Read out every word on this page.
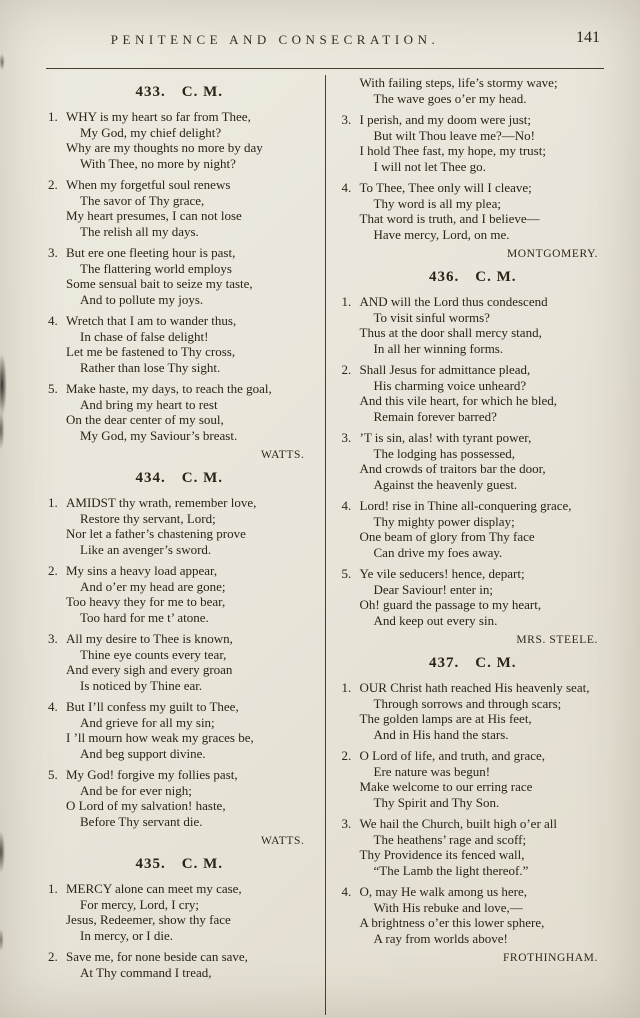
PENITENCE AND CONSECRATION.	141
433. C. M.
1. WHY is my heart so far from Thee,
My God, my chief delight?
Why are my thoughts no more by day
With Thee, no more by night?
2. When my forgetful soul renews
The savor of Thy grace,
My heart presumes, I can not lose
The relish all my days.
3. But ere one fleeting hour is past,
The flattering world employs
Some sensual bait to seize my taste,
And to pollute my joys.
4. Wretch that I am to wander thus,
In chase of false delight!
Let me be fastened to Thy cross,
Rather than lose Thy sight.
5. Make haste, my days, to reach the goal,
And bring my heart to rest
On the dear center of my soul,
My God, my Saviour’s breast.
WATTS.
434. C. M.
1. AMIDST thy wrath, remember love,
Restore thy servant, Lord;
Nor let a father’s chastening prove
Like an avenger’s sword.
2. My sins a heavy load appear,
And o’er my head are gone;
Too heavy they for me to bear,
Too hard for me t’ atone.
3. All my desire to Thee is known,
Thine eye counts every tear,
And every sigh and every groan
Is noticed by Thine ear.
4. But I’ll confess my guilt to Thee,
And grieve for all my sin;
I ’ll mourn how weak my graces be,
And beg support divine.
5. My God! forgive my follies past,
And be for ever nigh;
O Lord of my salvation! haste,
Before Thy servant die.
WATTS.
435. C. M.
1. MERCY alone can meet my case,
For mercy, Lord, I cry;
Jesus, Redeemer, show thy face
In mercy, or I die.
2. Save me, for none beside can save,
At Thy command I tread,
With failing steps, life’s stormy wave;
The wave goes o’er my head.
3. I perish, and my doom were just;
But wilt Thou leave me?—No!
I hold Thee fast, my hope, my trust;
I will not let Thee go.
4. To Thee, Thee only will I cleave;
Thy word is all my plea;
That word is truth, and I believe—
Have mercy, Lord, on me.
MONTGOMERY.
436. C. M.
1. AND will the Lord thus condescend
To visit sinful worms?
Thus at the door shall mercy stand,
In all her winning forms.
2. Shall Jesus for admittance plead,
His charming voice unheard?
And this vile heart, for which he bled,
Remain forever barred?
3. ’T is sin, alas! with tyrant power,
The lodging has possessed,
And crowds of traitors bar the door,
Against the heavenly guest.
4. Lord! rise in Thine all-conquering grace,
Thy mighty power display;
One beam of glory from Thy face
Can drive my foes away.
5. Ye vile seducers! hence, depart;
Dear Saviour! enter in;
Oh! guard the passage to my heart,
And keep out every sin.
MRS. STEELE.
437. C. M.
1. OUR Christ hath reached His heavenly seat,
Through sorrows and through scars;
The golden lamps are at His feet,
And in His hand the stars.
2. O Lord of life, and truth, and grace,
Ere nature was begun!
Make welcome to our erring race
Thy Spirit and Thy Son.
3. We hail the Church, built high o’er all
The heathens’ rage and scoff;
Thy Providence its fenced wall,
“The Lamb the light thereof.”
4. O, may He walk among us here,
With His rebuke and love,—
A brightness o’er this lower sphere,
A ray from worlds above!
FROTHINGHAM.
